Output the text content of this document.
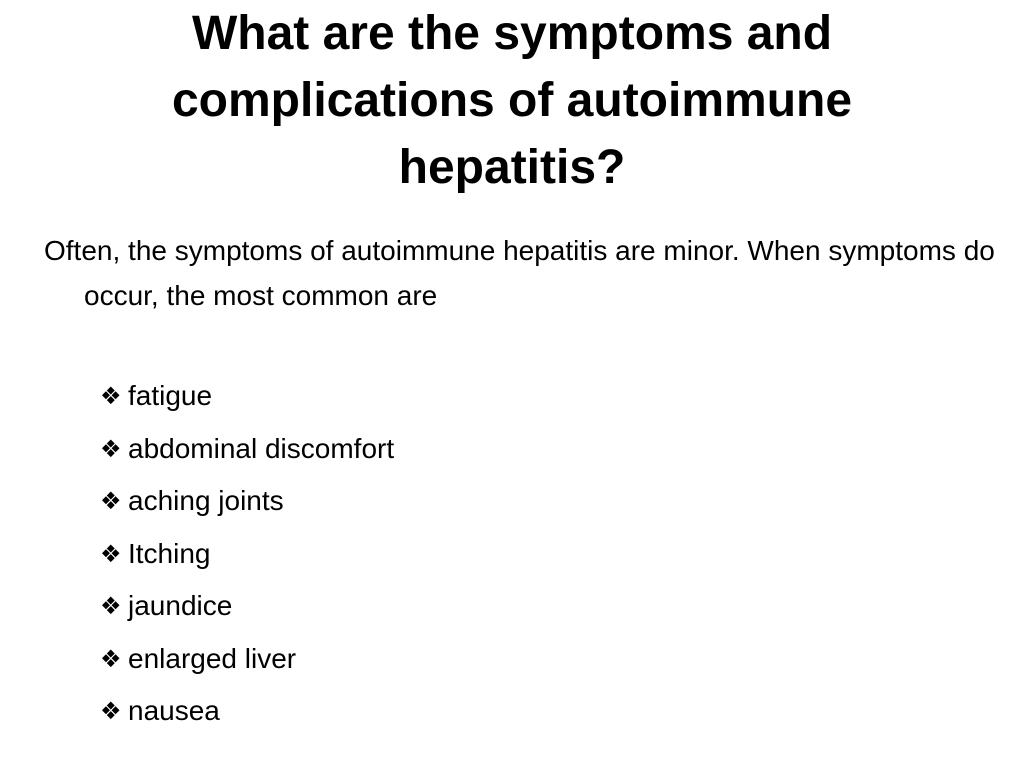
What are the symptoms and complications of autoimmune hepatitis?

Often, the symptoms of autoimmune hepatitis are minor. When symptoms do occur, the most common are

❖ fatigue
❖ abdominal discomfort
❖ aching joints
❖ Itching
❖ jaundice
❖ enlarged liver
❖ nausea
